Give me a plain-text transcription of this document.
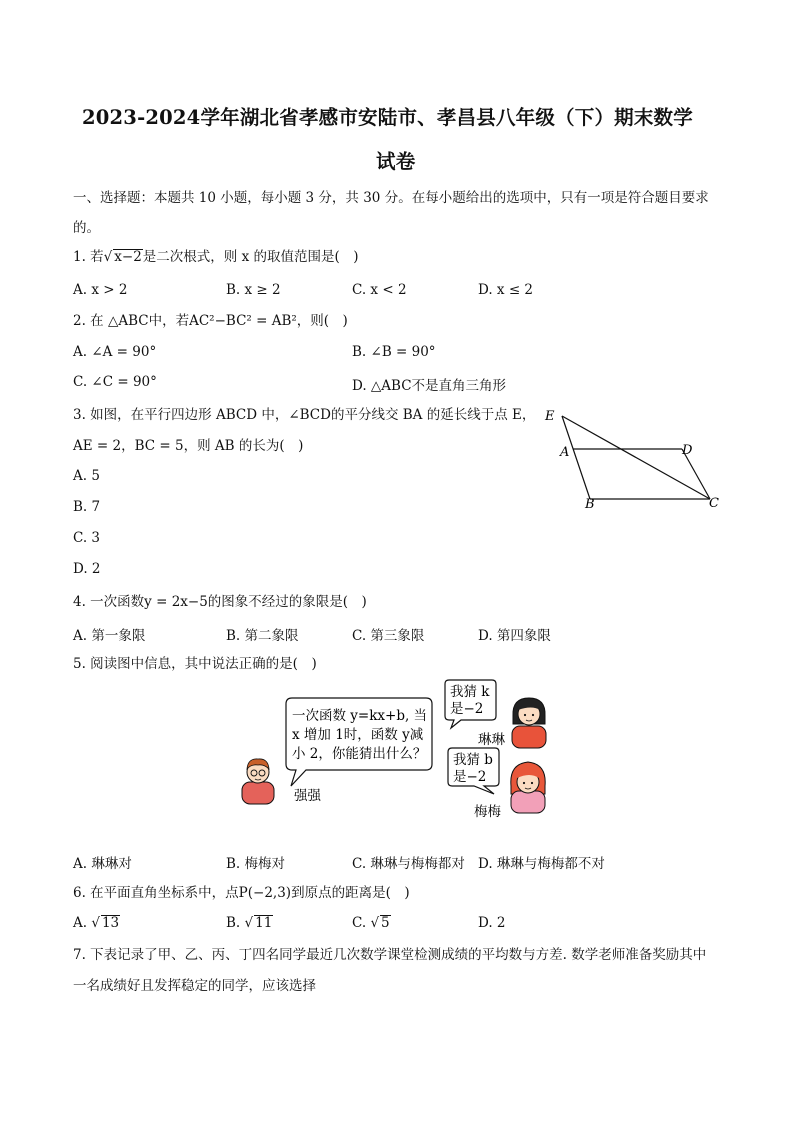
2023-2024学年湖北省孝感市安陆市、孝昌县八年级（下）期末数学
试卷
一、选择题：本题共 10 小题，每小题 3 分，共 30 分。在每小题给出的选项中，只有一项是符合题目要求
的。
1. 若√ x−2是二次根式，则 x 的取值范围是(　)
A. x > 2	B. x ≥ 2	C. x < 2	D. x ≤ 2
2. 在 △ABC中，若AC²−BC² = AB²，则(　)
A. ∠A = 90°	B. ∠B = 90°
C. ∠C = 90°	D. △ABC不是直角三角形
3. 如图，在平行四边形 ABCD 中，∠BCD的平分线交 BA 的延长线于点 E，
AE = 2，BC = 5，则 AB 的长为(　)
A. 5
B. 7
C. 3
D. 2
E
A	D
B	C
4. 一次函数y = 2x−5的图象不经过的象限是(　)
A. 第一象限	B. 第二象限	C. 第三象限	D. 第四象限
5. 阅读图中信息，其中说法正确的是(　)
一次函数 y=kx+b, 当
x 增加 1时，函数 y减
小 2，你能猜出什么？
强强
我猜 k
是−2
琳琳
我猜 b
是−2
梅梅
A. 琳琳对	B. 梅梅对	C. 琳琳与梅梅都对 D. 琳琳与梅梅都不对
6. 在平面直角坐标系中，点P(−2,3)到原点的距离是(　)
A. √ 13	B. √ 11	C. √ 5	D. 2
7. 下表记录了甲、乙、丙、丁四名同学最近几次数学课堂检测成绩的平均数与方差. 数学老师准备奖励其中
一名成绩好且发挥稳定的同学，应该选择
